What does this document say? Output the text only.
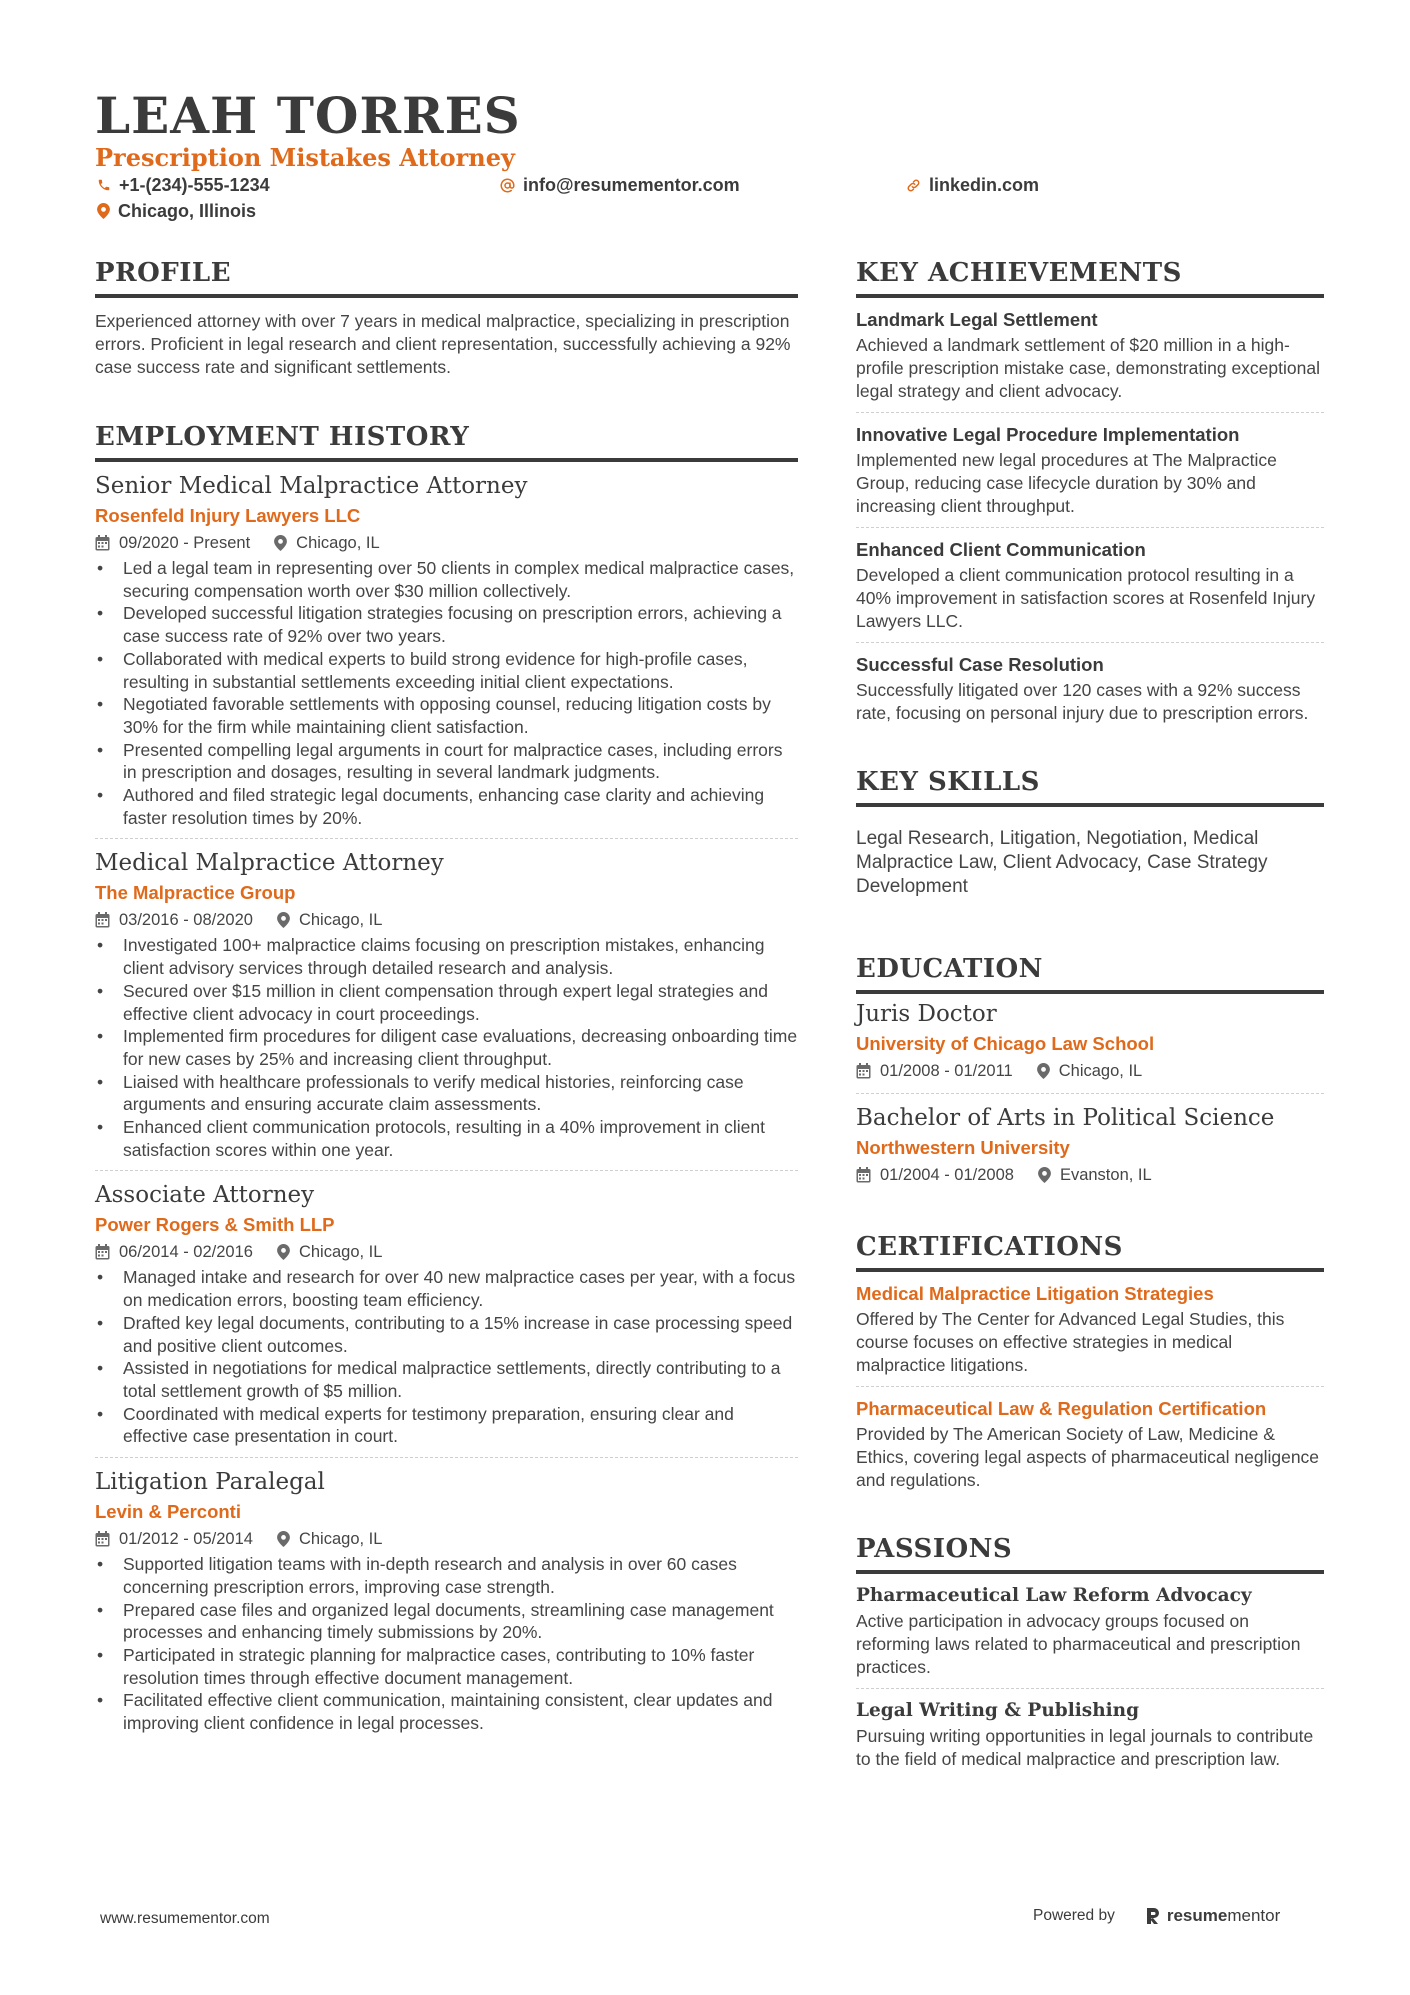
LEAH TORRES
Prescription Mistakes Attorney
+1-(234)-555-1234	info@resumementor.com	linkedin.com
Chicago, Illinois
PROFILE
Experienced attorney with over 7 years in medical malpractice, specializing in prescription errors. Proficient in legal research and client representation, successfully achieving a 92% case success rate and significant settlements.
EMPLOYMENT HISTORY
Senior Medical Malpractice Attorney
Rosenfeld Injury Lawyers LLC
09/2020 - Present	Chicago, IL
• Led a legal team in representing over 50 clients in complex medical malpractice cases, securing compensation worth over $30 million collectively.
• Developed successful litigation strategies focusing on prescription errors, achieving a case success rate of 92% over two years.
• Collaborated with medical experts to build strong evidence for high-profile cases, resulting in substantial settlements exceeding initial client expectations.
• Negotiated favorable settlements with opposing counsel, reducing litigation costs by 30% for the firm while maintaining client satisfaction.
• Presented compelling legal arguments in court for malpractice cases, including errors in prescription and dosages, resulting in several landmark judgments.
• Authored and filed strategic legal documents, enhancing case clarity and achieving faster resolution times by 20%.
Medical Malpractice Attorney
The Malpractice Group
03/2016 - 08/2020	Chicago, IL
• Investigated 100+ malpractice claims focusing on prescription mistakes, enhancing client advisory services through detailed research and analysis.
• Secured over $15 million in client compensation through expert legal strategies and effective client advocacy in court proceedings.
• Implemented firm procedures for diligent case evaluations, decreasing onboarding time for new cases by 25% and increasing client throughput.
• Liaised with healthcare professionals to verify medical histories, reinforcing case arguments and ensuring accurate claim assessments.
• Enhanced client communication protocols, resulting in a 40% improvement in client satisfaction scores within one year.
Associate Attorney
Power Rogers & Smith LLP
06/2014 - 02/2016	Chicago, IL
• Managed intake and research for over 40 new malpractice cases per year, with a focus on medication errors, boosting team efficiency.
• Drafted key legal documents, contributing to a 15% increase in case processing speed and positive client outcomes.
• Assisted in negotiations for medical malpractice settlements, directly contributing to a total settlement growth of $5 million.
• Coordinated with medical experts for testimony preparation, ensuring clear and effective case presentation in court.
Litigation Paralegal
Levin & Perconti
01/2012 - 05/2014	Chicago, IL
• Supported litigation teams with in-depth research and analysis in over 60 cases concerning prescription errors, improving case strength.
• Prepared case files and organized legal documents, streamlining case management processes and enhancing timely submissions by 20%.
• Participated in strategic planning for malpractice cases, contributing to 10% faster resolution times through effective document management.
• Facilitated effective client communication, maintaining consistent, clear updates and improving client confidence in legal processes.
KEY ACHIEVEMENTS
Landmark Legal Settlement
Achieved a landmark settlement of $20 million in a high-profile prescription mistake case, demonstrating exceptional legal strategy and client advocacy.
Innovative Legal Procedure Implementation
Implemented new legal procedures at The Malpractice Group, reducing case lifecycle duration by 30% and increasing client throughput.
Enhanced Client Communication
Developed a client communication protocol resulting in a 40% improvement in satisfaction scores at Rosenfeld Injury Lawyers LLC.
Successful Case Resolution
Successfully litigated over 120 cases with a 92% success rate, focusing on personal injury due to prescription errors.
KEY SKILLS
Legal Research, Litigation, Negotiation, Medical Malpractice Law, Client Advocacy, Case Strategy Development
EDUCATION
Juris Doctor
University of Chicago Law School
01/2008 - 01/2011	Chicago, IL
Bachelor of Arts in Political Science
Northwestern University
01/2004 - 01/2008	Evanston, IL
CERTIFICATIONS
Medical Malpractice Litigation Strategies
Offered by The Center for Advanced Legal Studies, this course focuses on effective strategies in medical malpractice litigations.
Pharmaceutical Law & Regulation Certification
Provided by The American Society of Law, Medicine & Ethics, covering legal aspects of pharmaceutical negligence and regulations.
PASSIONS
Pharmaceutical Law Reform Advocacy
Active participation in advocacy groups focused on reforming laws related to pharmaceutical and prescription practices.
Legal Writing & Publishing
Pursuing writing opportunities in legal journals to contribute to the field of medical malpractice and prescription law.
www.resumementor.com	Powered by	resume mentor
